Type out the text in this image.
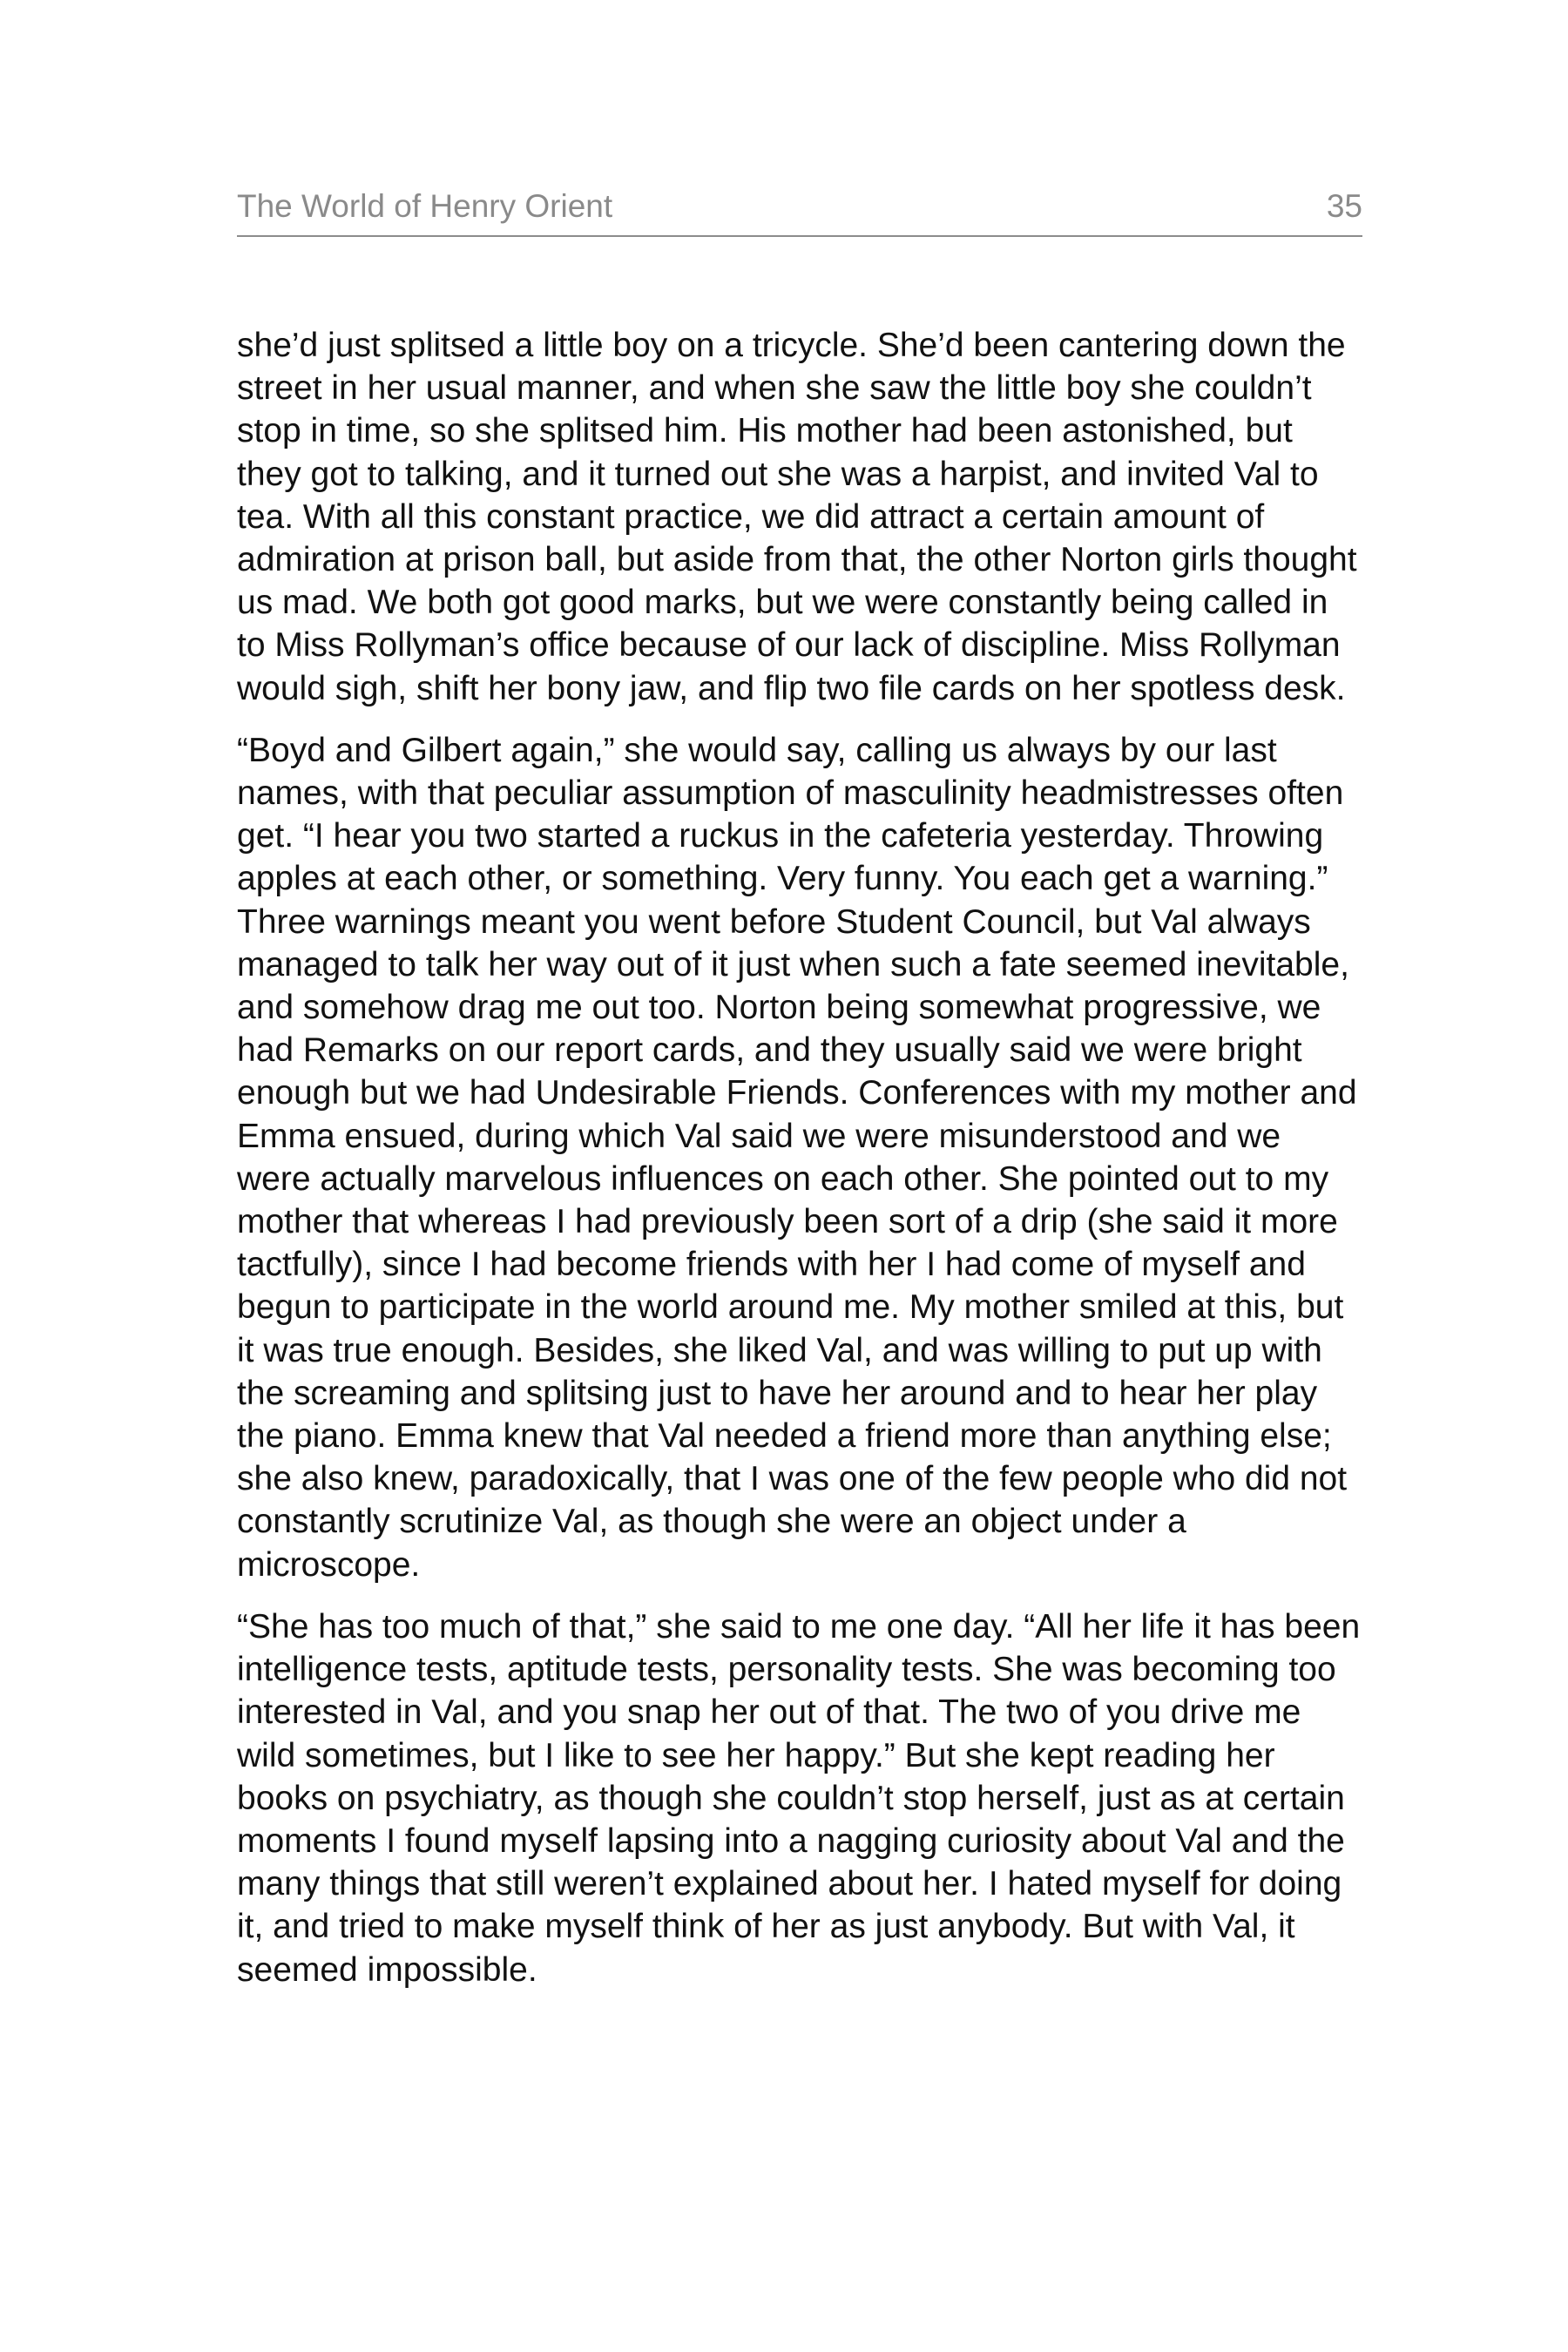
The World of Henry Orient	35

she’d just splitsed a little boy on a tricycle. She’d been cantering down the street in her usual manner, and when she saw the little boy she couldn’t stop in time, so she splitsed him. His mother had been astonished, but they got to talking, and it turned out she was a harpist, and invited Val to tea. With all this constant practice, we did attract a certain amount of admiration at prison ball, but aside from that, the other Norton girls thought us mad. We both got good marks, but we were constantly being called in to Miss Rollyman’s office because of our lack of discipline. Miss Rollyman would sigh, shift her bony jaw, and flip two file cards on her spotless desk.

“Boyd and Gilbert again,” she would say, calling us always by our last names, with that peculiar assumption of masculinity headmistresses often get. “I hear you two started a ruckus in the cafeteria yesterday. Throwing apples at each other, or something. Very funny. You each get a warning.” Three warnings meant you went before Student Council, but Val always managed to talk her way out of it just when such a fate seemed inevitable, and somehow drag me out too. Norton being somewhat progressive, we had Remarks on our report cards, and they usually said we were bright enough but we had Undesirable Friends. Conferences with my mother and Emma ensued, during which Val said we were misunderstood and we were actually marvelous influences on each other. She pointed out to my mother that whereas I had previously been sort of a drip (she said it more tactfully), since I had become friends with her I had come of myself and begun to participate in the world around me. My mother smiled at this, but it was true enough. Besides, she liked Val, and was willing to put up with the screaming and splitsing just to have her around and to hear her play the piano. Emma knew that Val needed a friend more than anything else; she also knew, paradoxically, that I was one of the few people who did not constantly scrutinize Val, as though she were an object under a microscope.

“She has too much of that,” she said to me one day. “All her life it has been intelligence tests, aptitude tests, personality tests. She was becoming too interested in Val, and you snap her out of that. The two of you drive me wild sometimes, but I like to see her happy.” But she kept reading her books on psychiatry, as though she couldn’t stop herself, just as at certain moments I found myself lapsing into a nagging curiosity about Val and the many things that still weren’t explained about her. I hated myself for doing it, and tried to make myself think of her as just anybody. But with Val, it seemed impossible.
